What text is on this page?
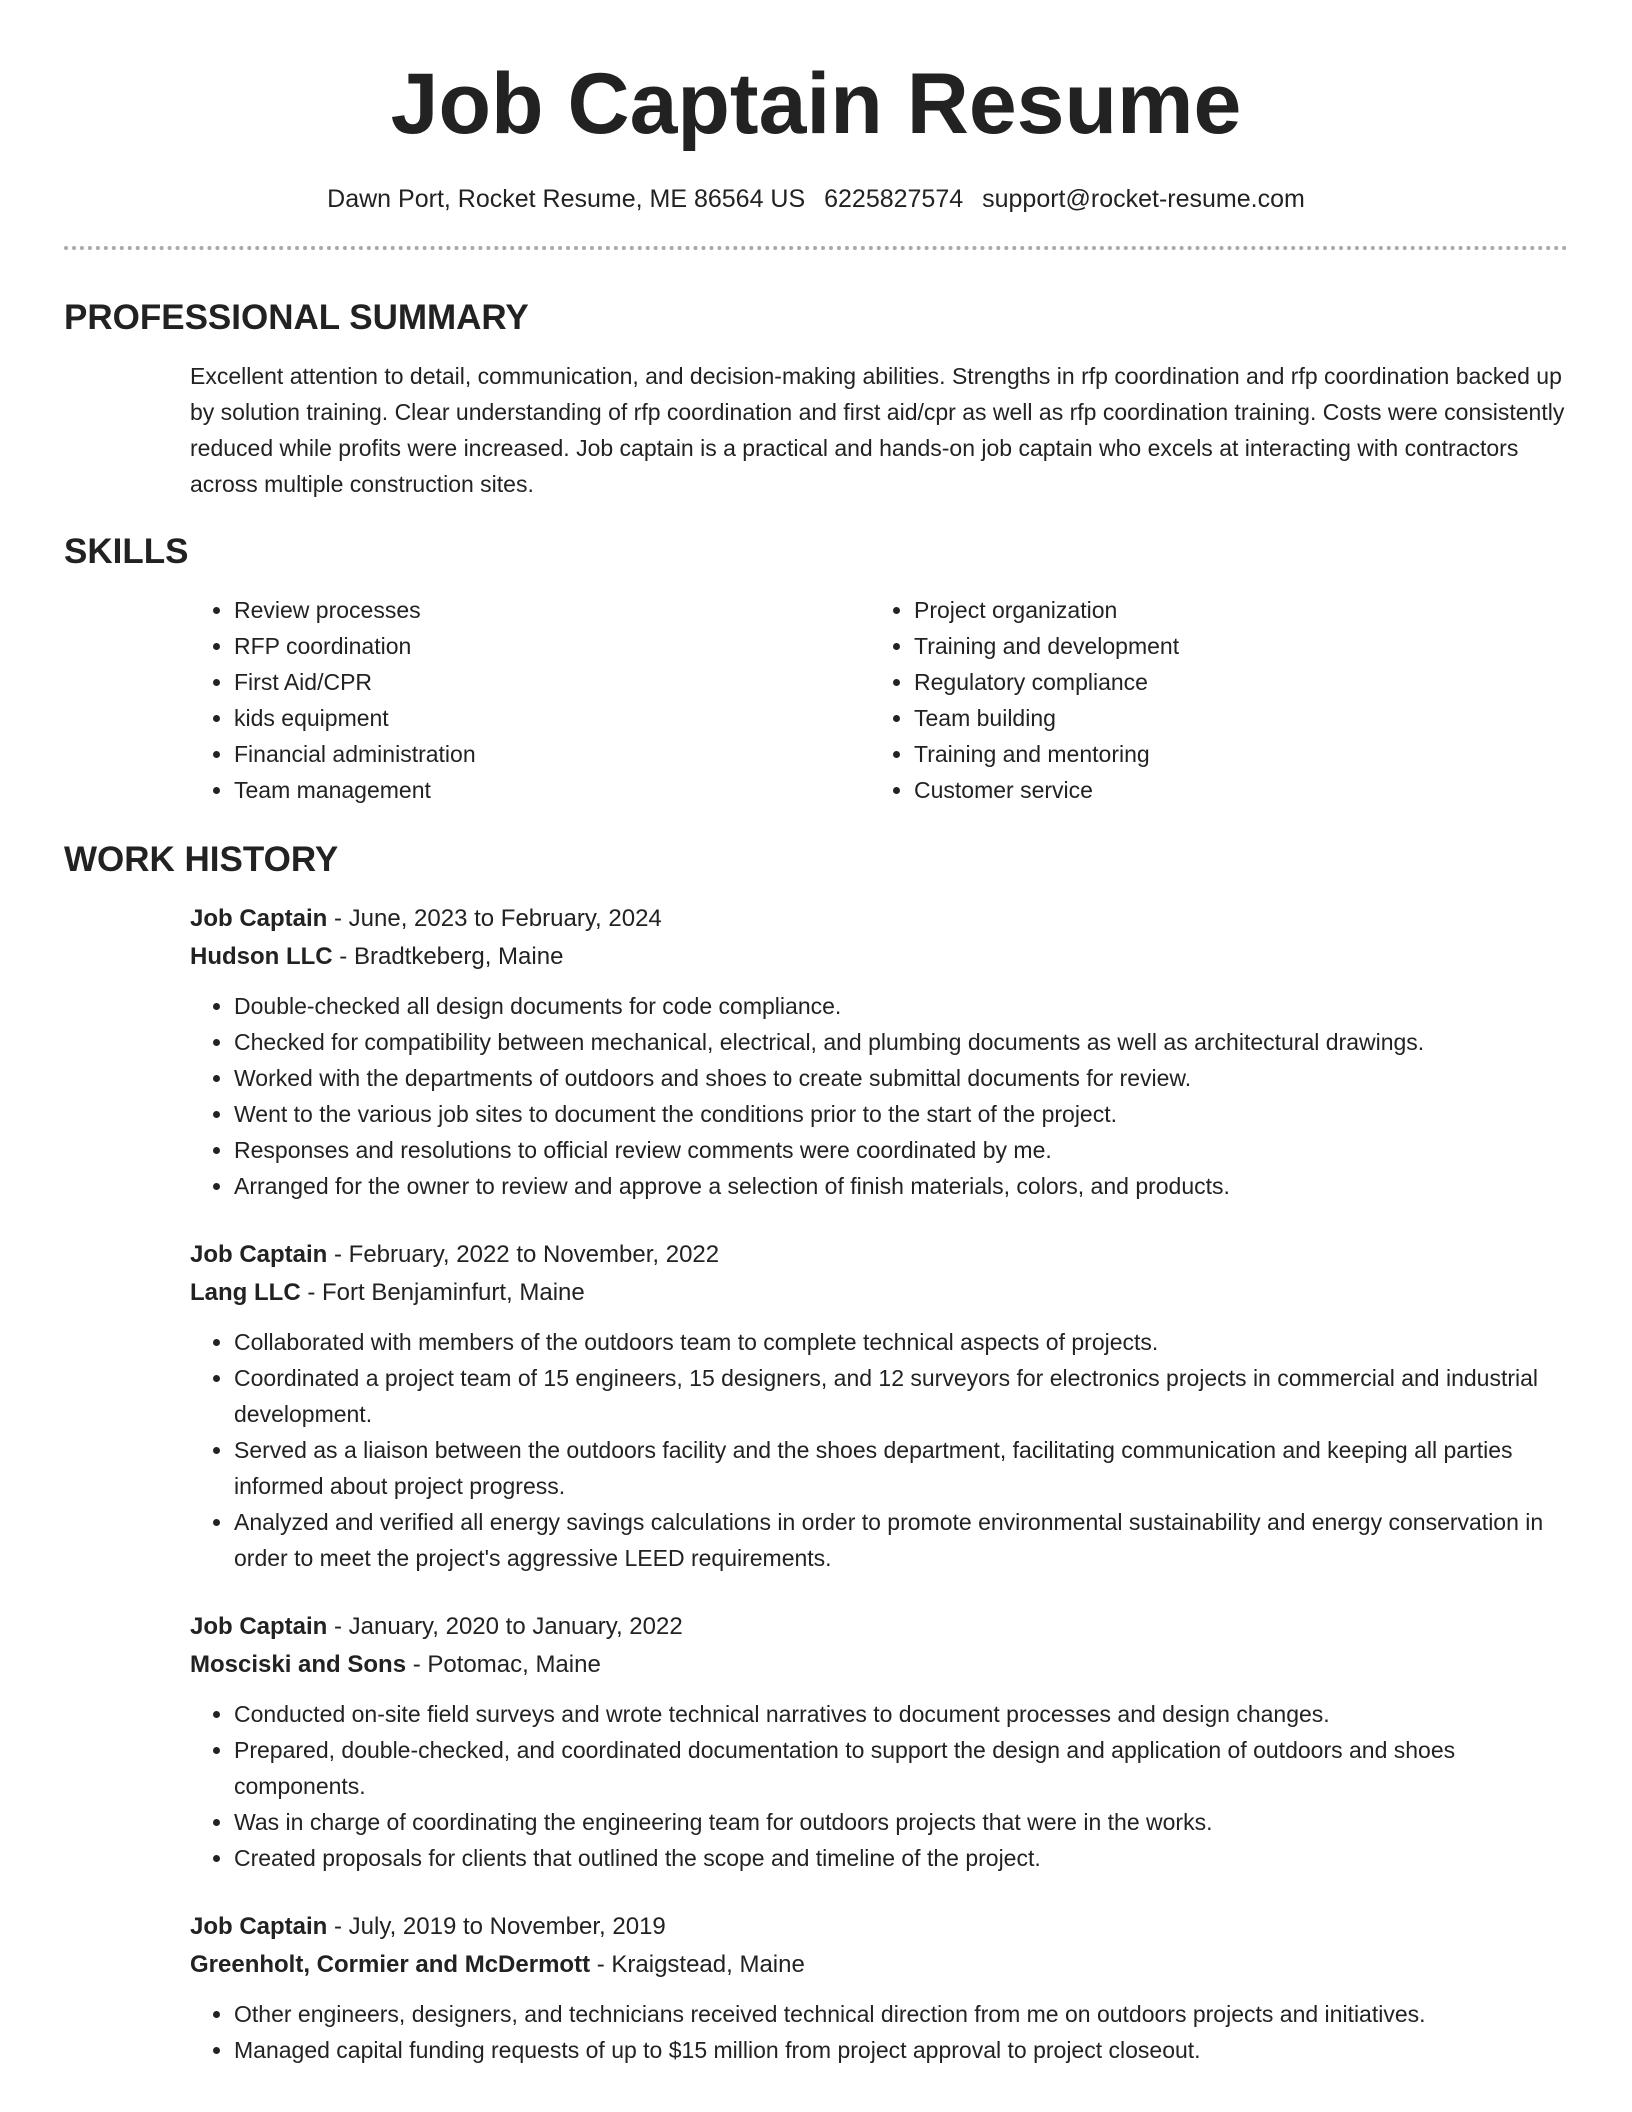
Job Captain Resume
Dawn Port, Rocket Resume, ME 86564 US 6225827574 support@rocket-resume.com
PROFESSIONAL SUMMARY
Excellent attention to detail, communication, and decision-making abilities. Strengths in rfp coordination and rfp coordination backed up by solution training. Clear understanding of rfp coordination and first aid/cpr as well as rfp coordination training. Costs were consistently reduced while profits were increased. Job captain is a practical and hands-on job captain who excels at interacting with contractors across multiple construction sites.
SKILLS
• Review processes
• RFP coordination
• First Aid/CPR
• kids equipment
• Financial administration
• Team management
• Project organization
• Training and development
• Regulatory compliance
• Team building
• Training and mentoring
• Customer service
WORK HISTORY
Job Captain - June, 2023 to February, 2024
Hudson LLC - Bradtkeberg, Maine
• Double-checked all design documents for code compliance.
• Checked for compatibility between mechanical, electrical, and plumbing documents as well as architectural drawings.
• Worked with the departments of outdoors and shoes to create submittal documents for review.
• Went to the various job sites to document the conditions prior to the start of the project.
• Responses and resolutions to official review comments were coordinated by me.
• Arranged for the owner to review and approve a selection of finish materials, colors, and products.
Job Captain - February, 2022 to November, 2022
Lang LLC - Fort Benjaminfurt, Maine
• Collaborated with members of the outdoors team to complete technical aspects of projects.
• Coordinated a project team of 15 engineers, 15 designers, and 12 surveyors for electronics projects in commercial and industrial development.
• Served as a liaison between the outdoors facility and the shoes department, facilitating communication and keeping all parties informed about project progress.
• Analyzed and verified all energy savings calculations in order to promote environmental sustainability and energy conservation in order to meet the project's aggressive LEED requirements.
Job Captain - January, 2020 to January, 2022
Mosciski and Sons - Potomac, Maine
• Conducted on-site field surveys and wrote technical narratives to document processes and design changes.
• Prepared, double-checked, and coordinated documentation to support the design and application of outdoors and shoes components.
• Was in charge of coordinating the engineering team for outdoors projects that were in the works.
• Created proposals for clients that outlined the scope and timeline of the project.
Job Captain - July, 2019 to November, 2019
Greenholt, Cormier and McDermott - Kraigstead, Maine
• Other engineers, designers, and technicians received technical direction from me on outdoors projects and initiatives.
• Managed capital funding requests of up to $15 million from project approval to project closeout.
